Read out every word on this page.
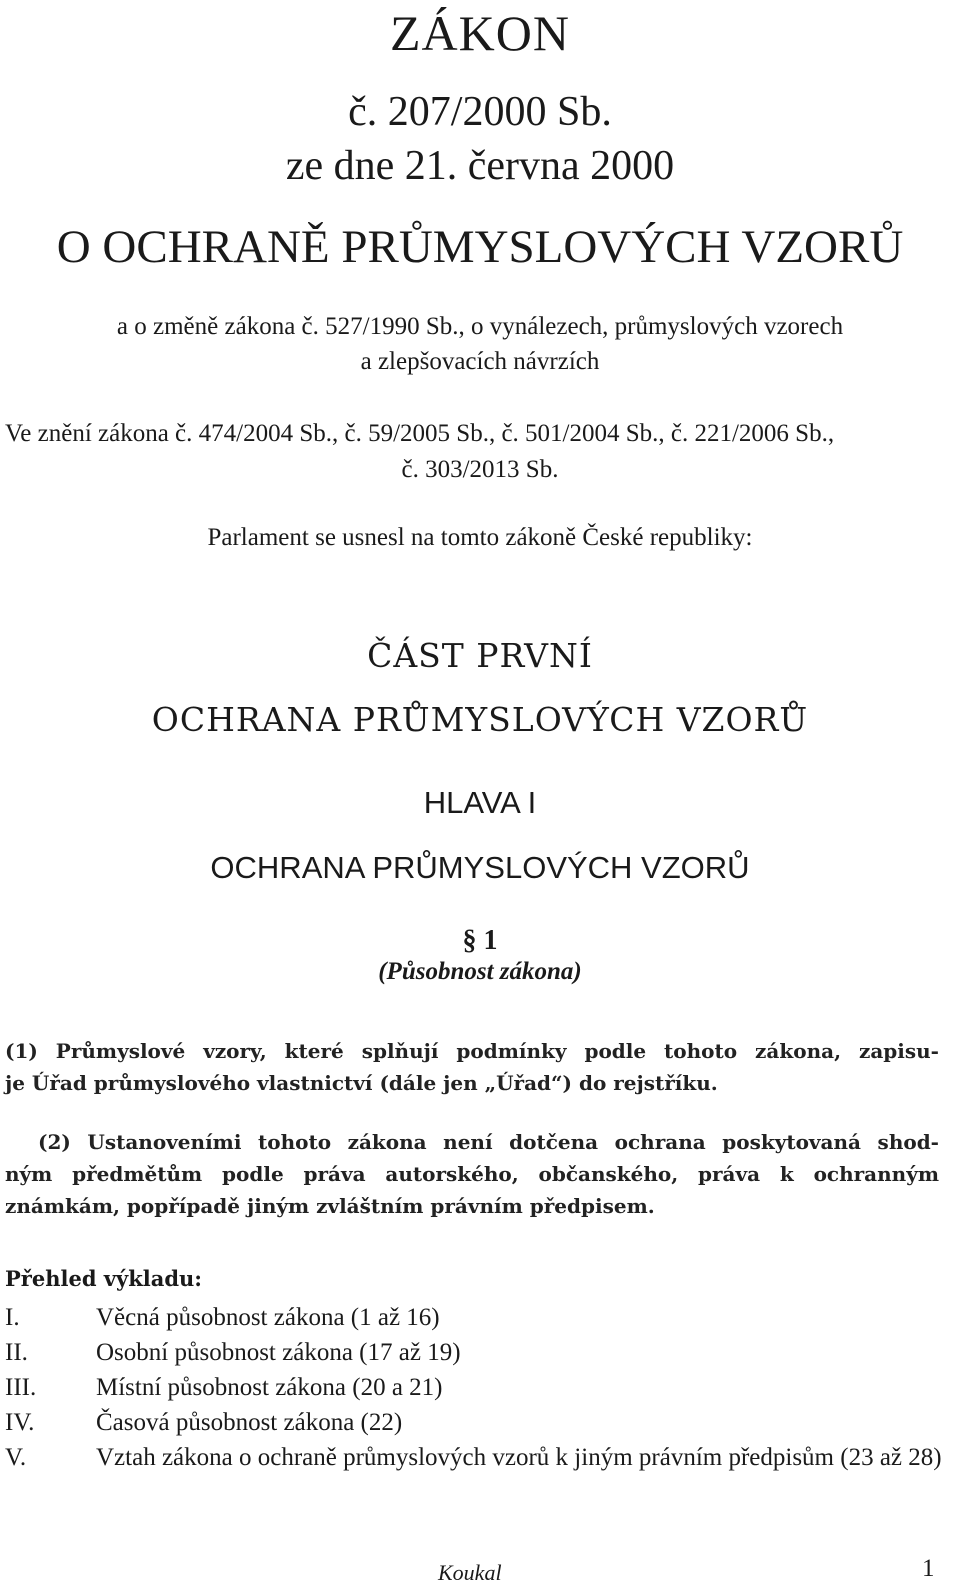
ZÁKON
č. 207/2000 Sb.
ze dne 21. června 2000
O OCHRANĚ PRŮMYSLOVÝCH VZORŮ
a o změně zákona č. 527/1990 Sb., o vynálezech, průmyslových vzorech
a zlepšovacích návrzích
Ve znění zákona č. 474/2004 Sb., č. 59/2005 Sb., č. 501/2004 Sb., č. 221/2006 Sb.,
č. 303/2013 Sb.
Parlament se usnesl na tomto zákoně České republiky:
ČÁST PRVNÍ
OCHRANA PRŮMYSLOVÝCH VZORŮ
HLAVA I
OCHRANA PRŮMYSLOVÝCH VZORŮ
§ 1
(Působnost zákona)
(1) Průmyslové vzory, které splňují podmínky podle tohoto zákona, zapisu-
je Úřad průmyslového vlastnictví (dále jen „Úřad“) do rejstříku.
(2) Ustanoveními tohoto zákona není dotčena ochrana poskytovaná shod-
ným předmětům podle práva autorského, občanského, práva k ochranným
známkám, popřípadě jiným zvláštním právním předpisem.
Přehled výkladu:
I.	Věcná působnost zákona (1 až 16)
II.	Osobní působnost zákona (17 až 19)
III.	Místní působnost zákona (20 a 21)
IV.	Časová působnost zákona (22)
V.	Vztah zákona o ochraně průmyslových vzorů k jiným právním předpisům (23 až 28)
Koukal	1
